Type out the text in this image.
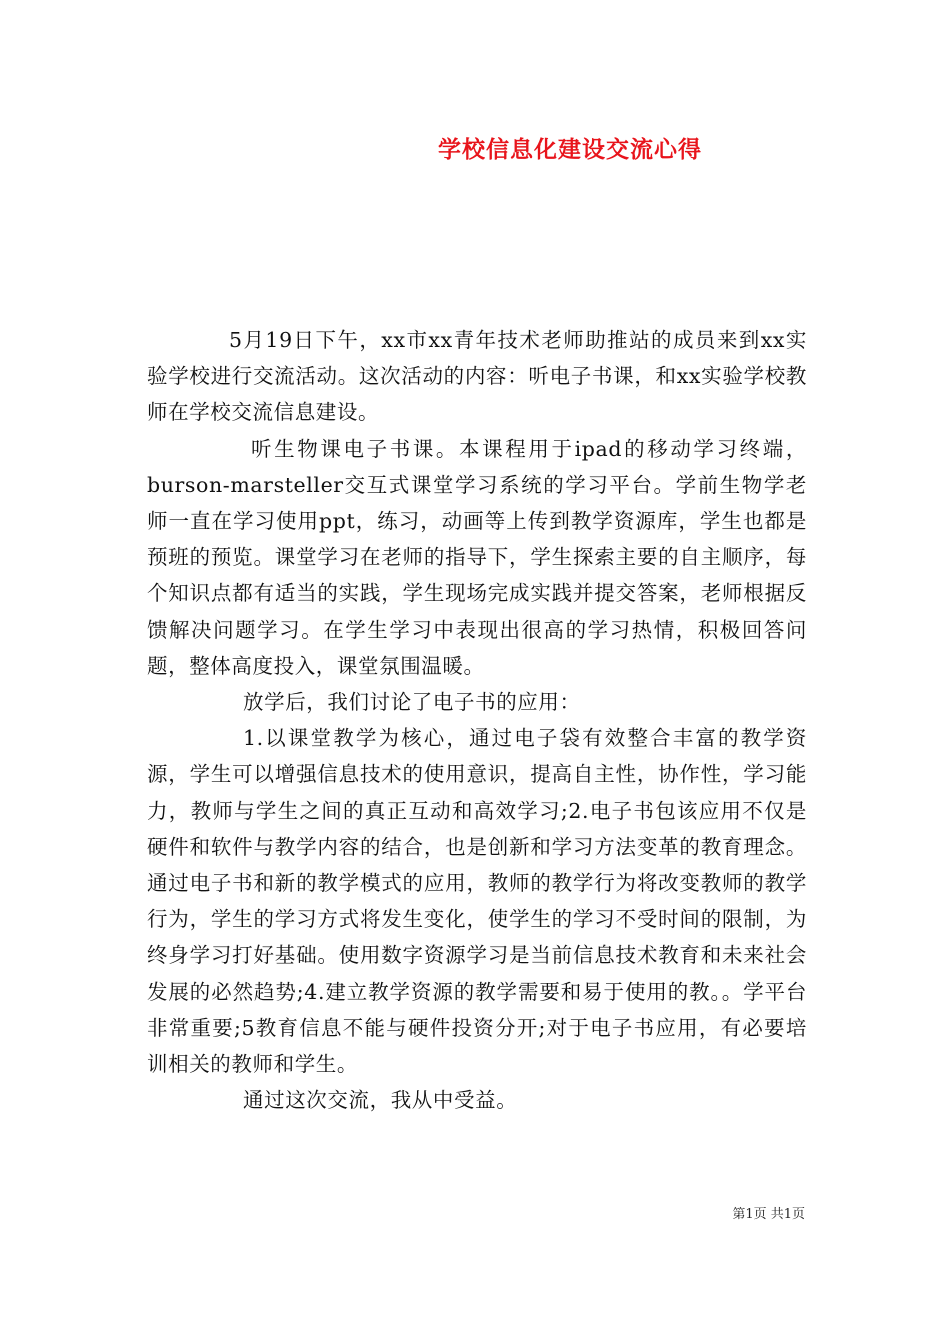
学校信息化建设交流心得

5月19日下午，xx市xx青年技术老师助推站的成员来到xx实验学校进行交流活动。这次活动的内容：听电子书课，和xx实验学校教师在学校交流信息建设。

听生物课电子书课。本课程用于ipad的移动学习终端，burson-marsteller交互式课堂学习系统的学习平台。学前生物学老师一直在学习使用ppt，练习，动画等上传到教学资源库，学生也都是预班的预览。课堂学习在老师的指导下，学生探索主要的自主顺序，每个知识点都有适当的实践，学生现场完成实践并提交答案，老师根据反馈解决问题学习。在学生学习中表现出很高的学习热情，积极回答问题，整体高度投入，课堂氛围温暖。

放学后，我们讨论了电子书的应用：

1.以课堂教学为核心，通过电子袋有效整合丰富的教学资源，学生可以增强信息技术的使用意识，提高自主性，协作性，学习能力，教师与学生之间的真正互动和高效学习;2.电子书包该应用不仅是硬件和软件与教学内容的结合，也是创新和学习方法变革的教育理念。通过电子书和新的教学模式的应用，教师的教学行为将改变教师的教学行为，学生的学习方式将发生变化，使学生的学习不受时间的限制，为终身学习打好基础。使用数字资源学习是当前信息技术教育和未来社会发展的必然趋势;4.建立教学资源的教学需要和易于使用的教。。学平台非常重要;5教育信息不能与硬件投资分开;对于电子书应用，有必要培训相关的教师和学生。

通过这次交流，我从中受益。

第1页 共1页
